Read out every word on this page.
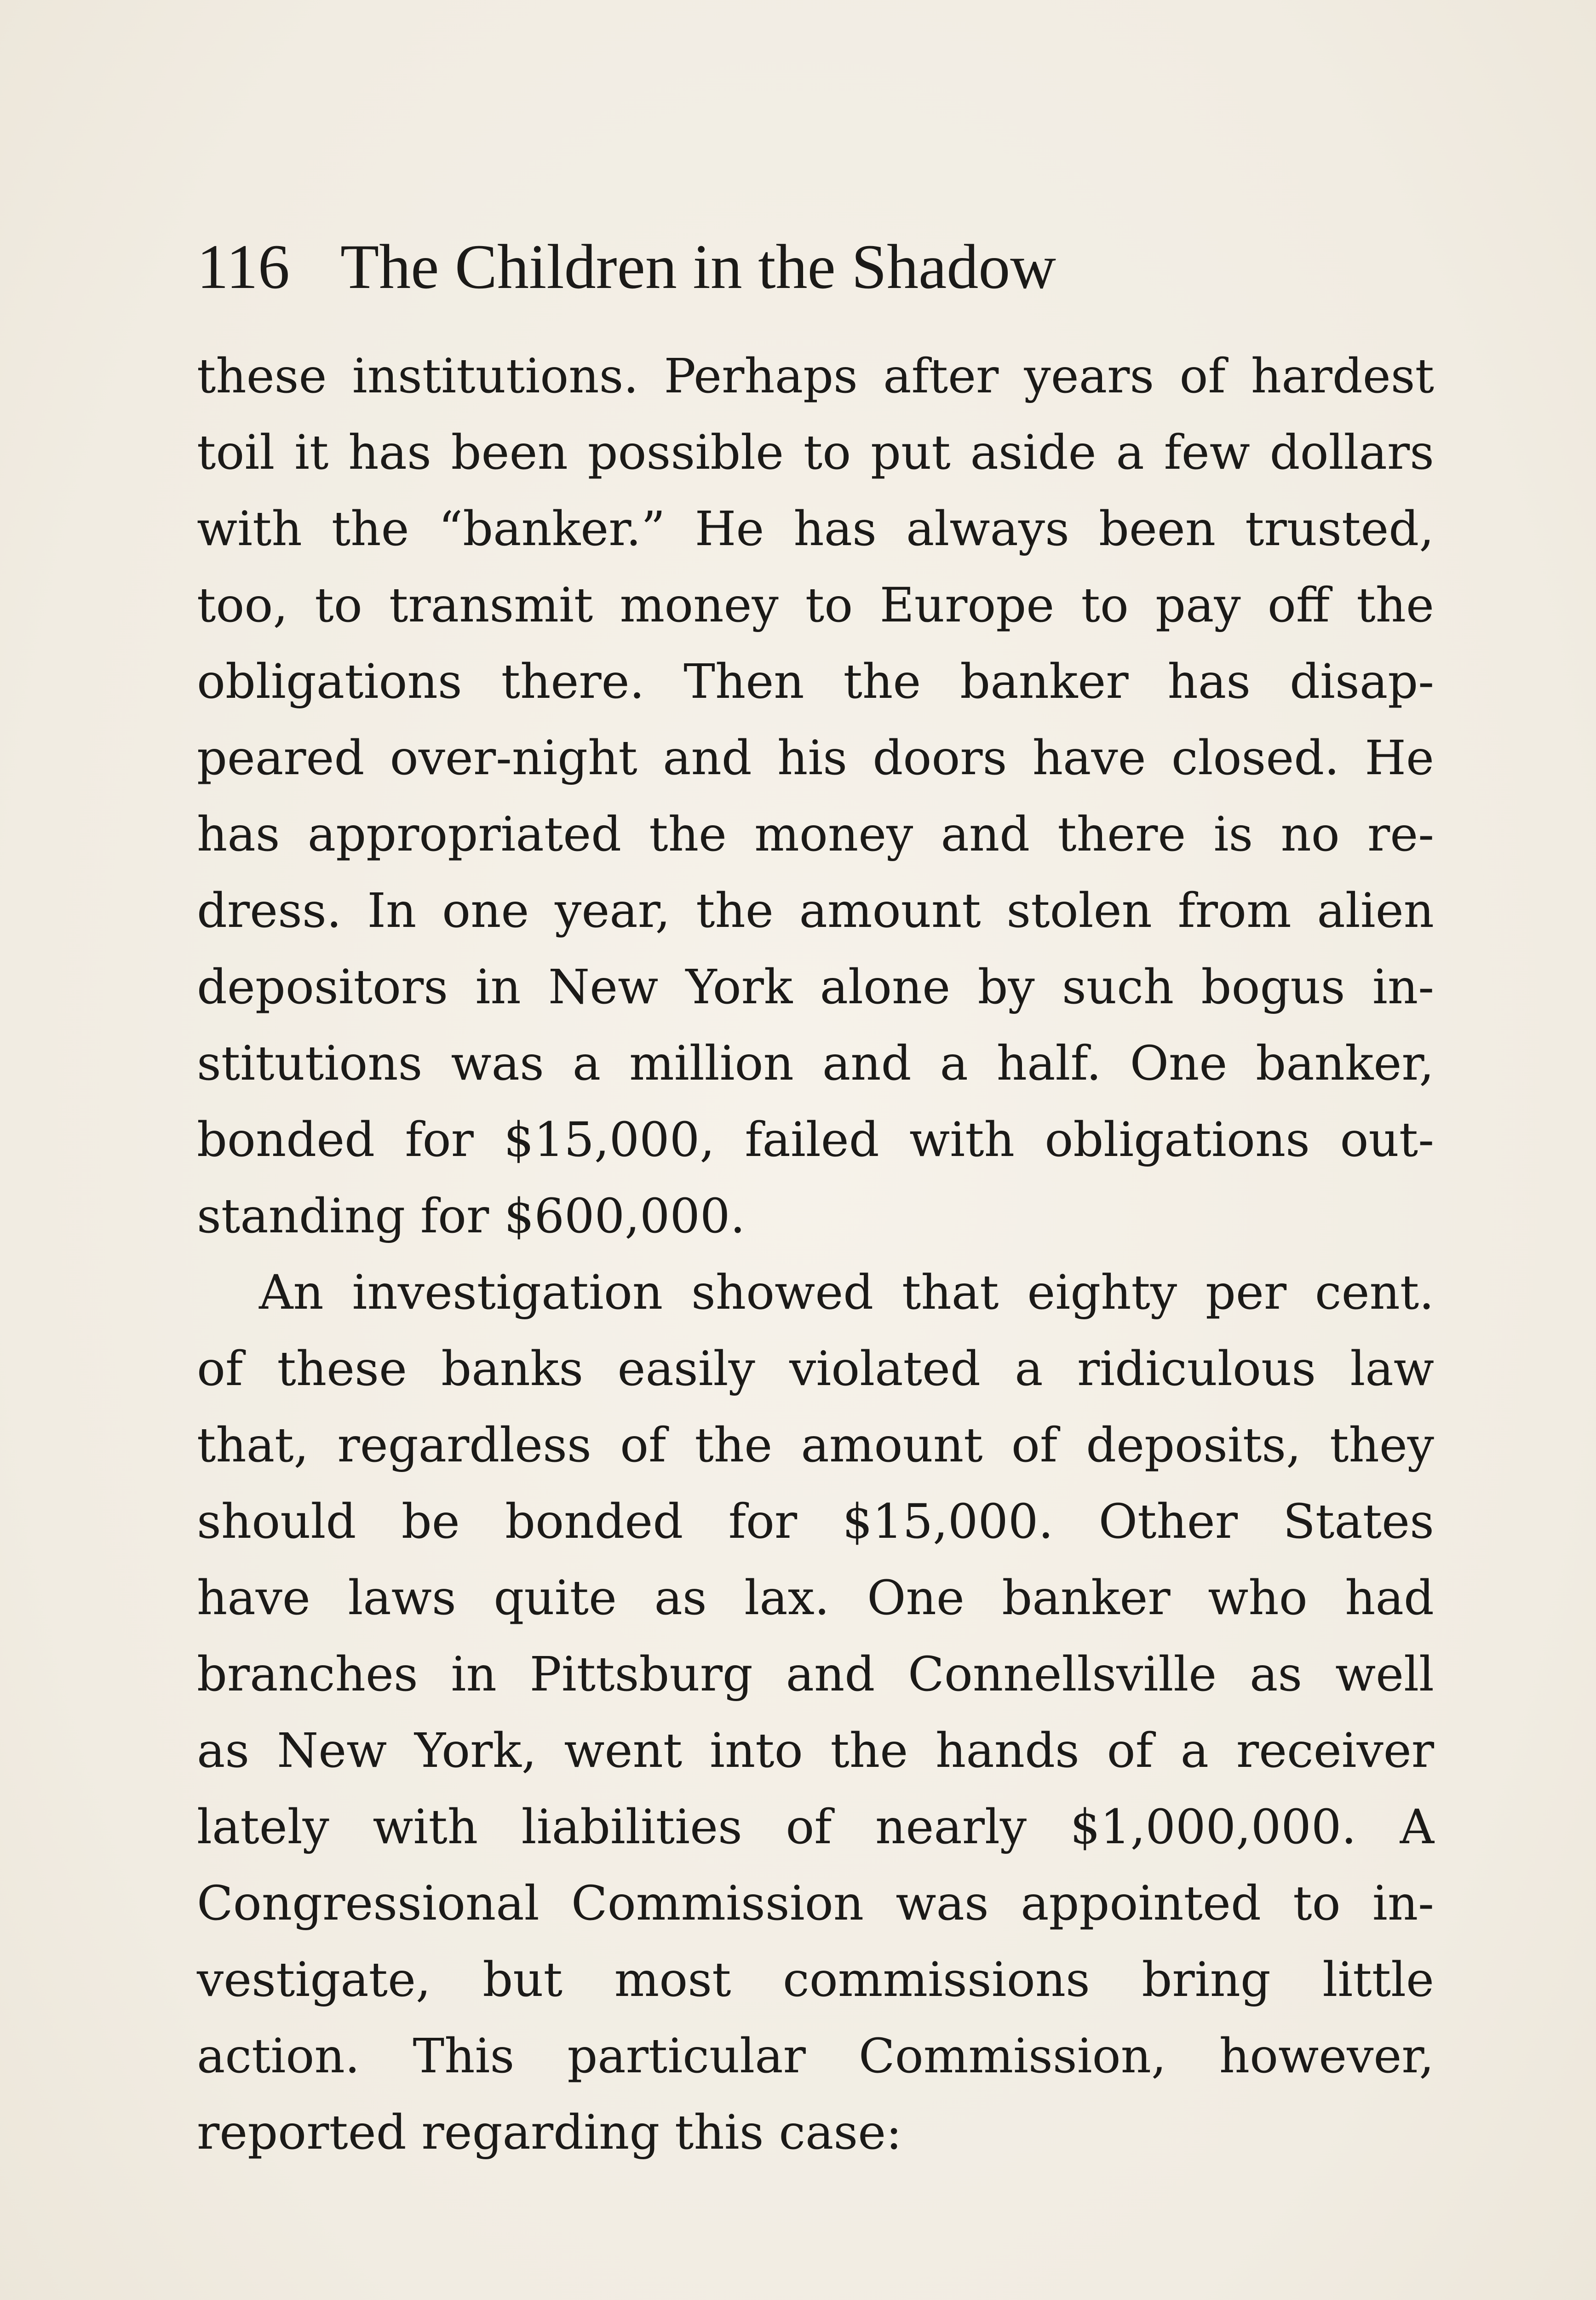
116 The Children in the Shadow
these institutions. Perhaps after years of hardest
toil it has been possible to put aside a few dollars
with the “banker.” He has always been trusted,
too, to transmit money to Europe to pay off the
obligations there. Then the banker has disap-
peared over-night and his doors have closed. He
has appropriated the money and there is no re-
dress. In one year, the amount stolen from alien
depositors in New York alone by such bogus in-
stitutions was a million and a half. One banker,
bonded for $15,000, failed with obligations out-
standing for $600,000.
An investigation showed that eighty per cent.
of these banks easily violated a ridiculous law
that, regardless of the amount of deposits, they
should be bonded for $15,000. Other States
have laws quite as lax. One banker who had
branches in Pittsburg and Connellsville as well
as New York, went into the hands of a receiver
lately with liabilities of nearly $1,000,000. A
Congressional Commission was appointed to in-
vestigate, but most commissions bring little
action. This particular Commission, however,
reported regarding this case:
